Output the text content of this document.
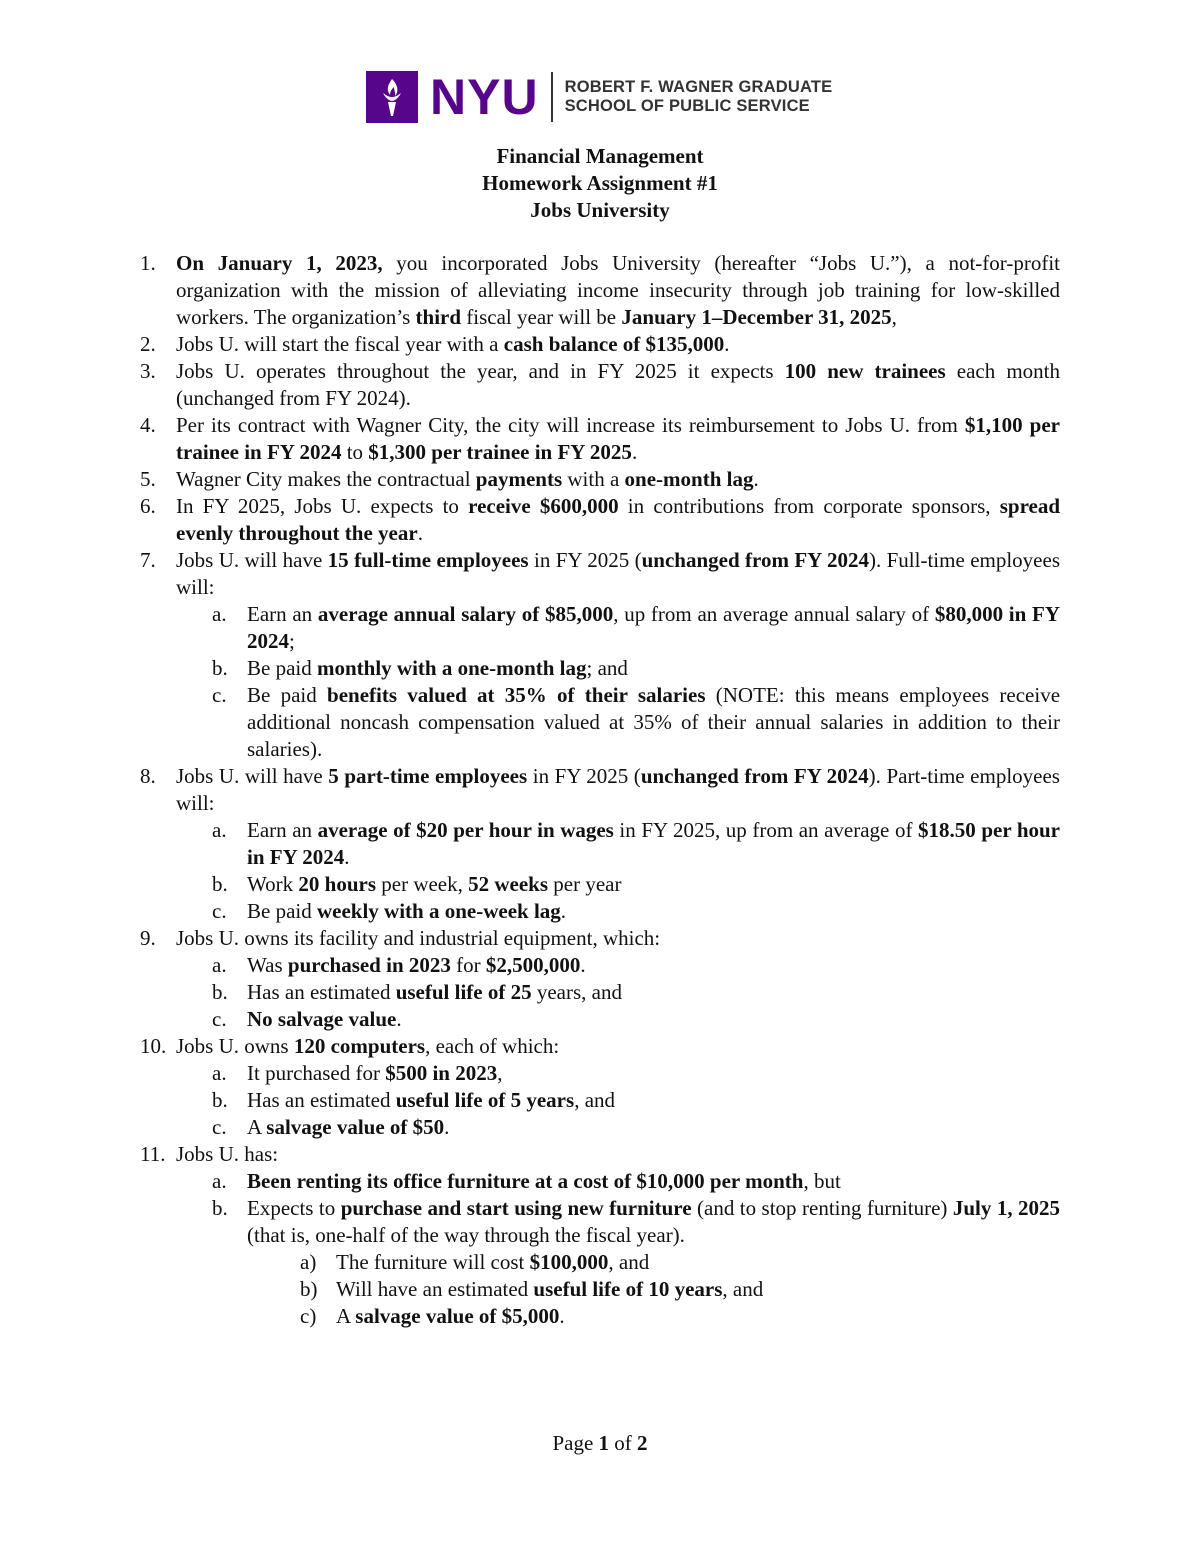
NYU ROBERT F. WAGNER GRADUATE
SCHOOL OF PUBLIC SERVICE
Financial Management
Homework Assignment #1
Jobs University
1. On January 1, 2023, you incorporated Jobs University (hereafter “Jobs U.”), a not-for-profit organization with the mission of alleviating income insecurity through job training for low-skilled workers. The organization’s third fiscal year will be January 1–December 31, 2025,
2. Jobs U. will start the fiscal year with a cash balance of $135,000.
3. Jobs U. operates throughout the year, and in FY 2025 it expects 100 new trainees each month (unchanged from FY 2024).
4. Per its contract with Wagner City, the city will increase its reimbursement to Jobs U. from $1,100 per trainee in FY 2024 to $1,300 per trainee in FY 2025.
5. Wagner City makes the contractual payments with a one-month lag.
6. In FY 2025, Jobs U. expects to receive $600,000 in contributions from corporate sponsors, spread evenly throughout the year.
7. Jobs U. will have 15 full-time employees in FY 2025 (unchanged from FY 2024). Full-time employees will:
a. Earn an average annual salary of $85,000, up from an average annual salary of $80,000 in FY 2024;
b. Be paid monthly with a one-month lag; and
c. Be paid benefits valued at 35% of their salaries (NOTE: this means employees receive additional noncash compensation valued at 35% of their annual salaries in addition to their salaries).
8. Jobs U. will have 5 part-time employees in FY 2025 (unchanged from FY 2024). Part-time employees will:
a. Earn an average of $20 per hour in wages in FY 2025, up from an average of $18.50 per hour in FY 2024.
b. Work 20 hours per week, 52 weeks per year
c. Be paid weekly with a one-week lag.
9. Jobs U. owns its facility and industrial equipment, which:
a. Was purchased in 2023 for $2,500,000.
b. Has an estimated useful life of 25 years, and
c. No salvage value.
10. Jobs U. owns 120 computers, each of which:
a. It purchased for $500 in 2023,
b. Has an estimated useful life of 5 years, and
c. A salvage value of $50.
11. Jobs U. has:
a. Been renting its office furniture at a cost of $10,000 per month, but
b. Expects to purchase and start using new furniture (and to stop renting furniture) July 1, 2025 (that is, one-half of the way through the fiscal year).
a) The furniture will cost $100,000, and
b) Will have an estimated useful life of 10 years, and
c) A salvage value of $5,000.
Page 1 of 2
